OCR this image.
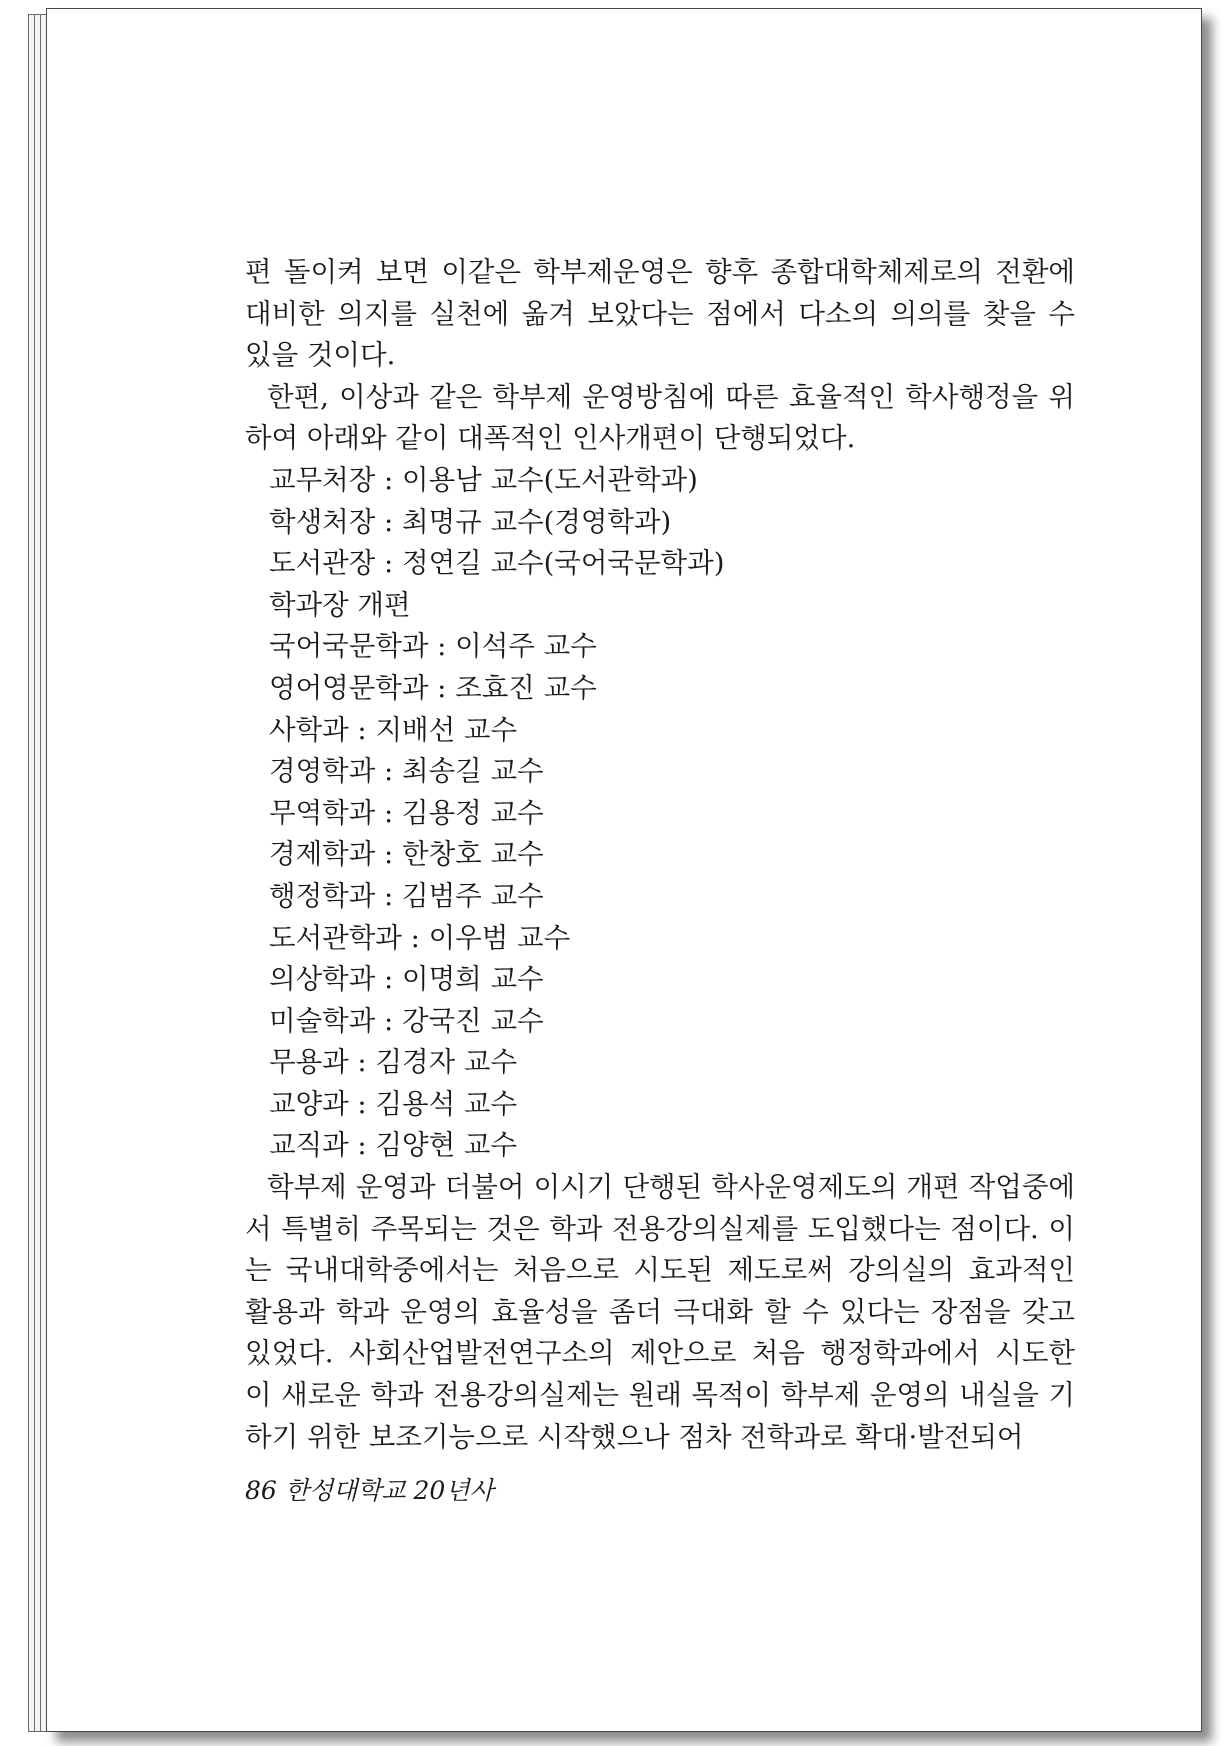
편 돌이켜 보면 이같은 학부제운영은 향후 종합대학체제로의 전환에 대비한 의지를 실천에 옮겨 보았다는 점에서 다소의 의의를 찾을 수 있을 것이다.

한편, 이상과 같은 학부제 운영방침에 따른 효율적인 학사행정을 위하여 아래와 같이 대폭적인 인사개편이 단행되었다.

교무처장 : 이용남 교수(도서관학과)

학생처장 : 최명규 교수(경영학과)

도서관장 : 정연길 교수(국어국문학과)

학과장 개편

국어국문학과 : 이석주 교수

영어영문학과 : 조효진 교수

사학과 : 지배선 교수

경영학과 : 최송길 교수

무역학과 : 김용정 교수

경제학과 : 한창호 교수

행정학과 : 김범주 교수

도서관학과 : 이우범 교수

의상학과 : 이명희 교수

미술학과 : 강국진 교수

무용과 : 김경자 교수

교양과 : 김용석 교수

교직과 : 김양현 교수

학부제 운영과 더불어 이시기 단행된 학사운영제도의 개편 작업중에서 특별히 주목되는 것은 학과 전용강의실제를 도입했다는 점이다. 이는 국내대학중에서는 처음으로 시도된 제도로써 강의실의 효과적인 활용과 학과 운영의 효율성을 좀더 극대화 할 수 있다는 장점을 갖고 있었다. 사회산업발전연구소의 제안으로 처음 행정학과에서 시도한 이 새로운 학과 전용강의실제는 원래 목적이 학부제 운영의 내실을 기하기 위한 보조기능으로 시작했으나 점차 전학과로 확대·발전되어

86 한성대학교 20년사
